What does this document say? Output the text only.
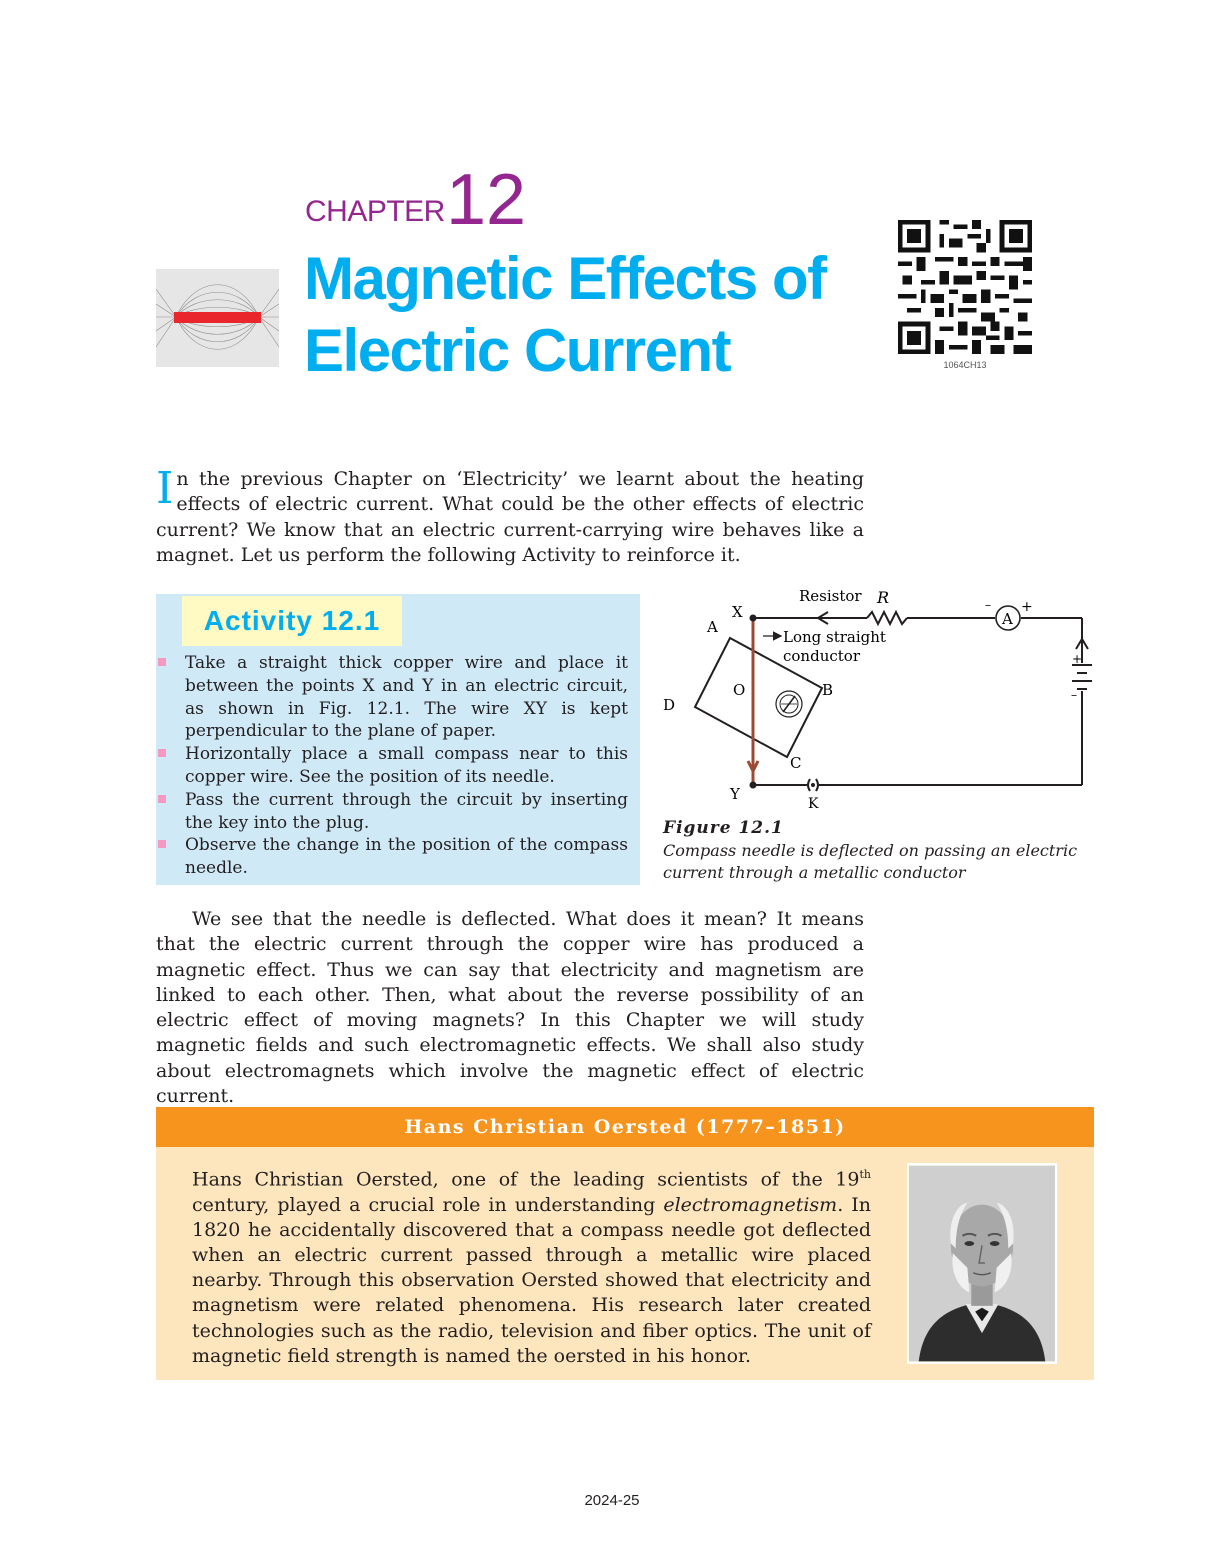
CHAPTER 12
Magnetic Effects of Electric Current	1064CH13
In the previous Chapter on ‘Electricity’ we learnt about the heating effects of electric current. What could be the other effects of electric current? We know that an electric current-carrying wire behaves like a magnet. Let us perform the following Activity to reinforce it.
Activity 12.1
Take a straight thick copper wire and place it between the points X and Y in an electric circuit, as shown in Fig. 12.1. The wire XY is kept perpendicular to the plane of paper.
Horizontally place a small compass near to this copper wire. See the position of its needle.
Pass the current through the circuit by inserting the key into the plug.
Observe the change in the position of the compass needle.
+
–
A
– +
K
Long straight
conductor
Resistor R
X
Y
A
B
C
D
O
Figure 12.1
Compass needle is deflected on passing an electric current through a metallic conductor
We see that the needle is deflected. What does it mean? It means that the electric current through the copper wire has produced a magnetic effect. Thus we can say that electricity and magnetism are linked to each other. Then, what about the reverse possibility of an electric effect of moving magnets? In this Chapter we will study magnetic fields and such electromagnetic effects. We shall also study about electromagnets which involve the magnetic effect of electric current.
Hans Christian Oersted (1777–1851)
Hans Christian Oersted, one of the leading scientists of the 19th century, played a crucial role in understanding electromagnetism. In 1820 he accidentally discovered that a compass needle got deflected when an electric current passed through a metallic wire placed nearby. Through this observation Oersted showed that electricity and magnetism were related phenomena. His research later created technologies such as the radio, television and fiber optics. The unit of magnetic field strength is named the oersted in his honor.
2024-25
